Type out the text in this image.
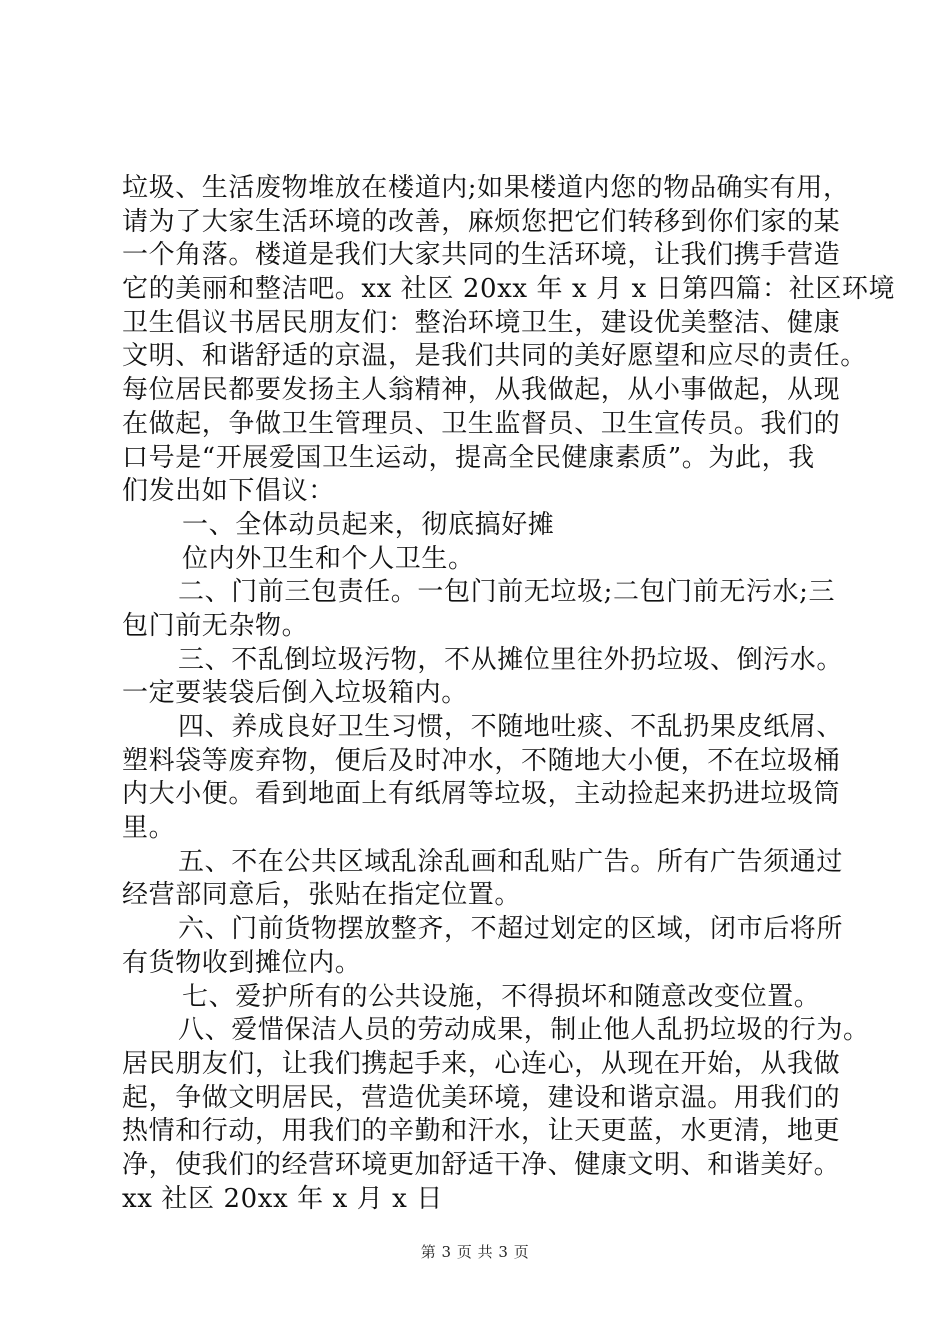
垃圾、生活废物堆放在楼道内;如果楼道内您的物品确实有用，
请为了大家生活环境的改善，麻烦您把它们转移到你们家的某
一个角落。楼道是我们大家共同的生活环境，让我们携手营造
它的美丽和整洁吧。xx 社区 20xx 年 x 月 x 日第四篇：社区环境
卫生倡议书居民朋友们：整治环境卫生，建设优美整洁、健康
文明、和谐舒适的京温，是我们共同的美好愿望和应尽的责任。
每位居民都要发扬主人翁精神，从我做起，从小事做起，从现
在做起，争做卫生管理员、卫生监督员、卫生宣传员。我们的
口号是“开展爱国卫生运动，提高全民健康素质”。为此，我
们发出如下倡议：
一、全体动员起来，彻底搞好摊
位内外卫生和个人卫生。
二、门前三包责任。一包门前无垃圾;二包门前无污水;三
包门前无杂物。
三、不乱倒垃圾污物，不从摊位里往外扔垃圾、倒污水。
一定要装袋后倒入垃圾箱内。
四、养成良好卫生习惯，不随地吐痰、不乱扔果皮纸屑、
塑料袋等废弃物，便后及时冲水，不随地大小便，不在垃圾桶
内大小便。看到地面上有纸屑等垃圾，主动捡起来扔进垃圾筒
里。
五、不在公共区域乱涂乱画和乱贴广告。所有广告须通过
经营部同意后，张贴在指定位置。
六、门前货物摆放整齐，不超过划定的区域，闭市后将所
有货物收到摊位内。
七、爱护所有的公共设施，不得损坏和随意改变位置。
八、爱惜保洁人员的劳动成果，制止他人乱扔垃圾的行为。
居民朋友们，让我们携起手来，心连心，从现在开始，从我做
起，争做文明居民，营造优美环境，建设和谐京温。用我们的
热情和行动，用我们的辛勤和汗水，让天更蓝，水更清，地更
净，使我们的经营环境更加舒适干净、健康文明、和谐美好。
xx 社区 20xx 年 x 月 x 日
第 3 页 共 3 页
